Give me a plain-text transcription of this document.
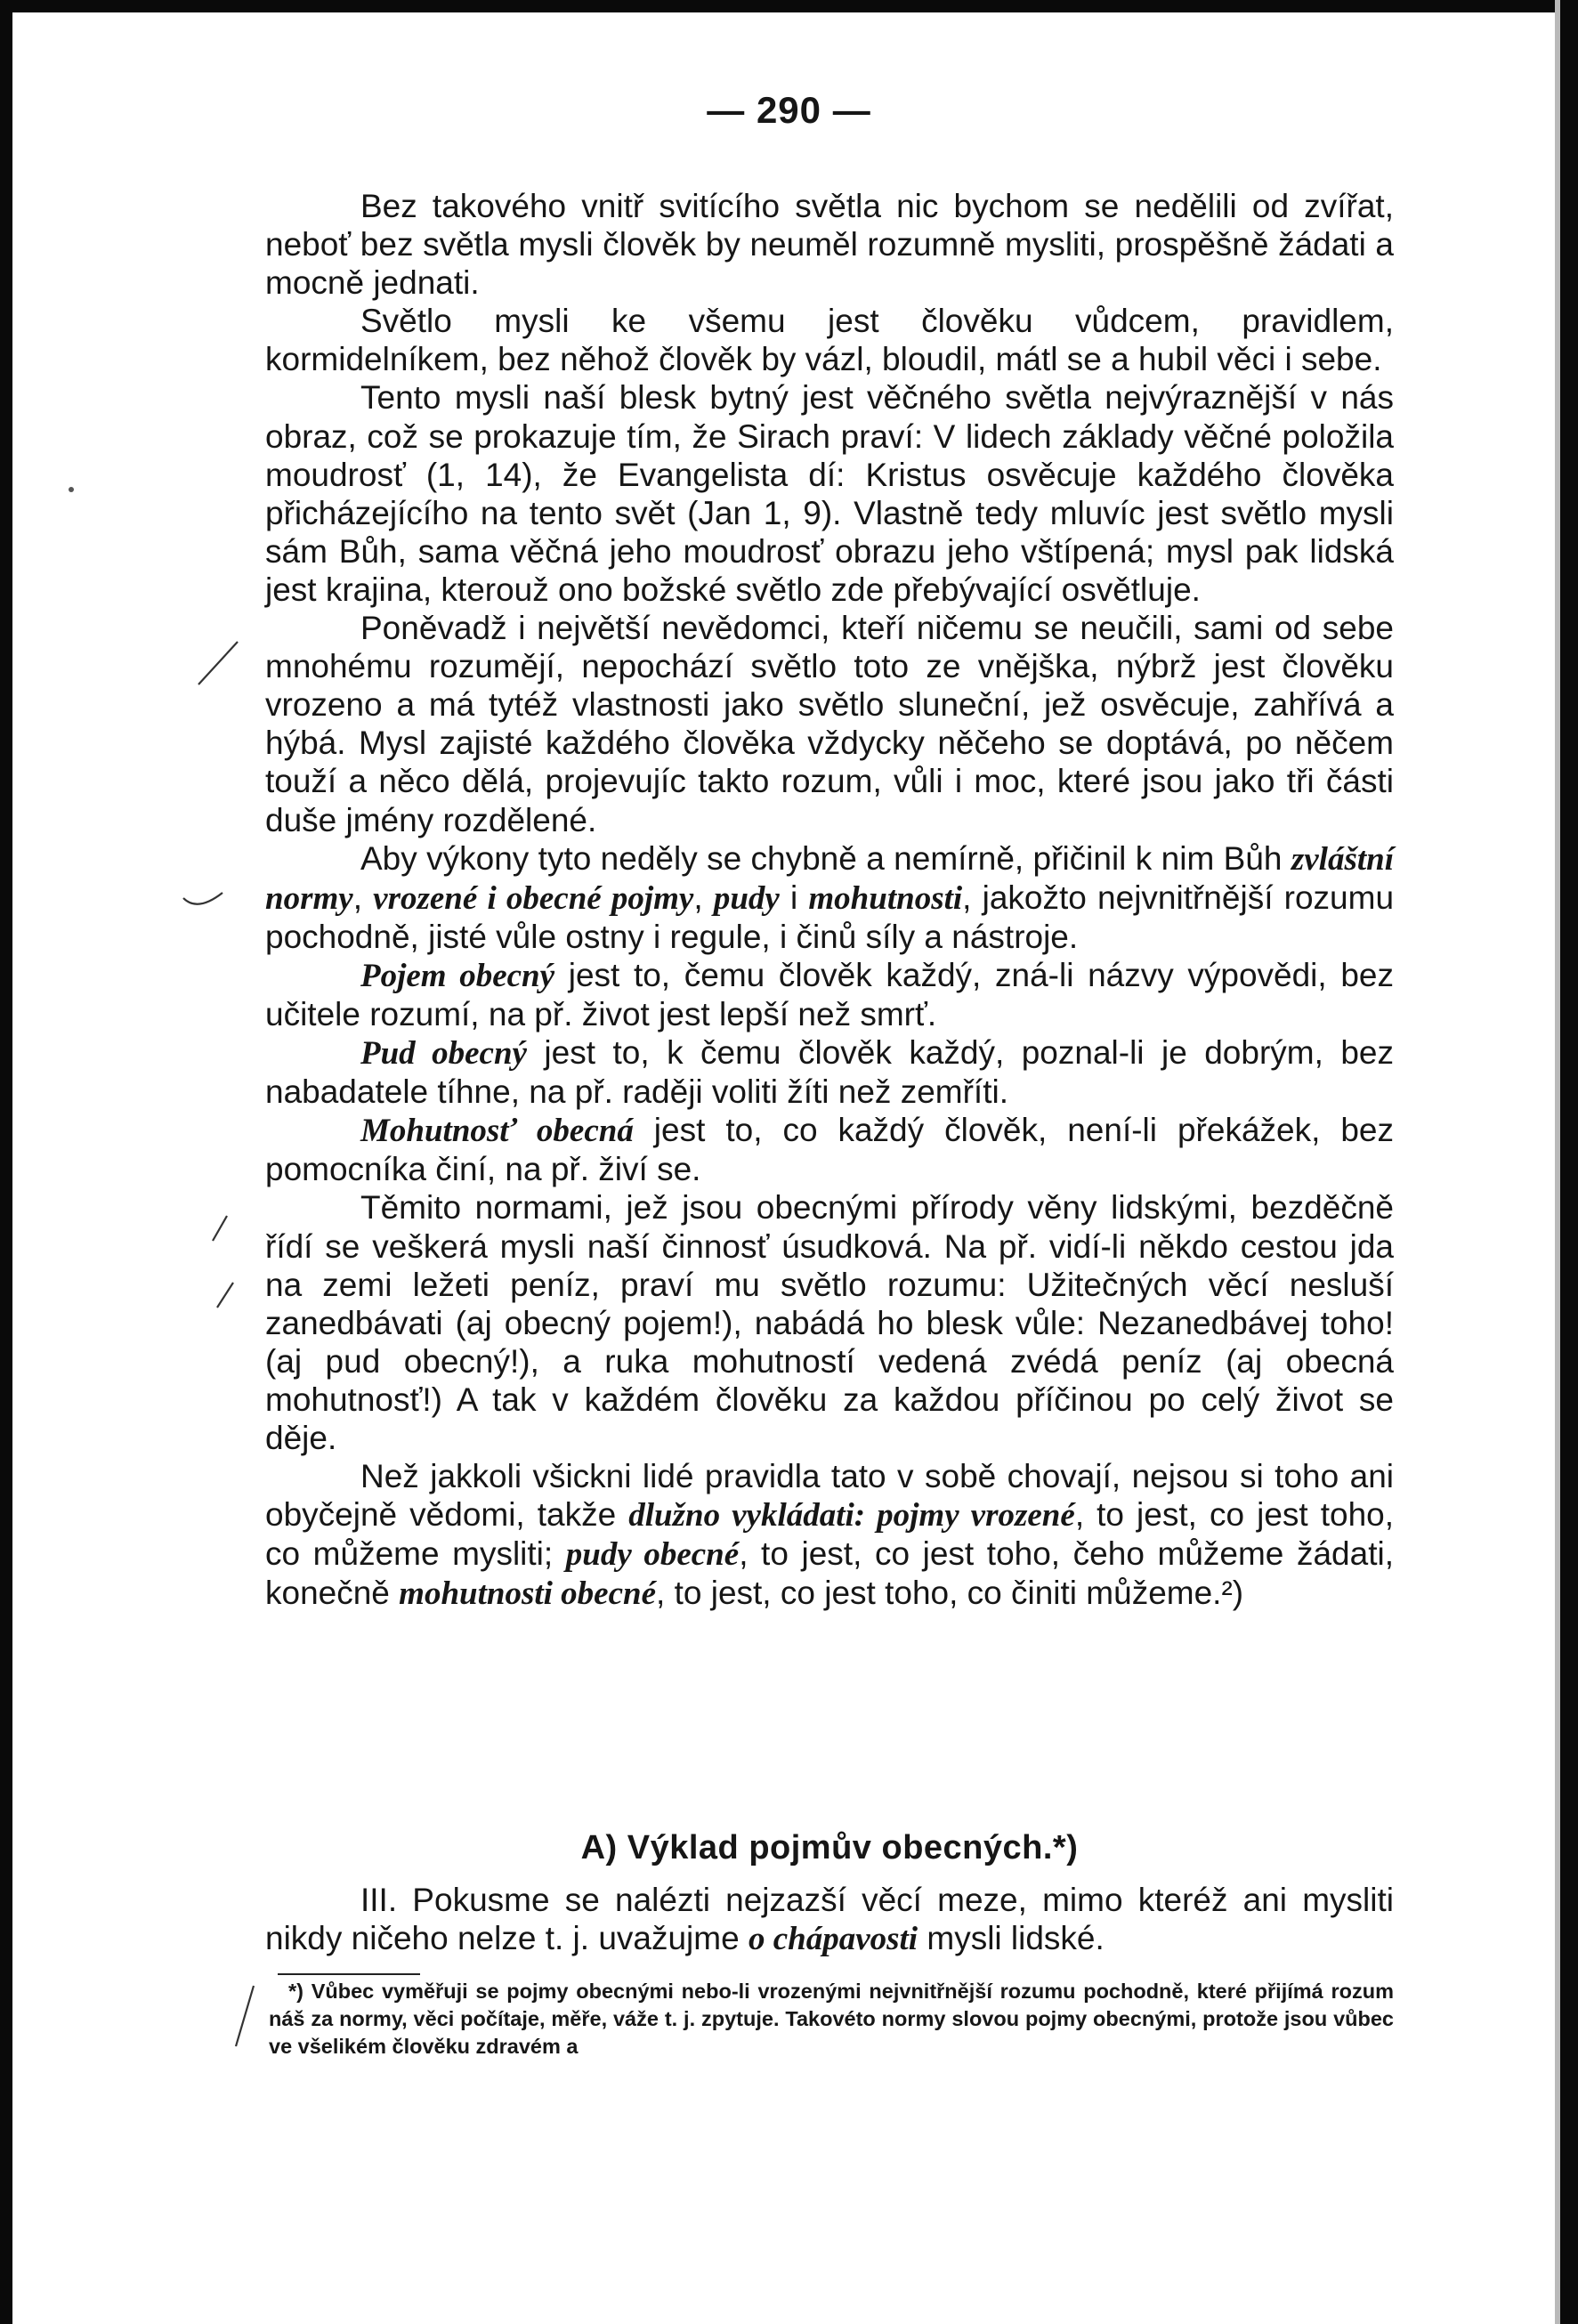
— 290 —

Bez takového vnitř svitícího světla nic bychom se nedělili od zvířat, neboť bez světla mysli člověk by neuměl rozumně mysliti, prospěšně žádati a mocně jednati.

Světlo mysli ke všemu jest člověku vůdcem, pravidlem, kormidelníkem, bez něhož člověk by vázl, bloudil, mátl se a hubil věci i sebe.

Tento mysli naší blesk bytný jest věčného světla nejvýraznější v nás obraz, což se prokazuje tím, že Sirach praví: V lidech základy věčné položila moudrosť (1, 14), že Evangelista dí: Kristus osvěcuje každého člověka přicházejícího na tento svět (Jan 1, 9). Vlastně tedy mluvíc jest světlo mysli sám Bůh, sama věčná jeho moudrosť obrazu jeho vštípená; mysl pak lidská jest krajina, kterouž ono božské světlo zde přebývající osvětluje.

Poněvadž i největší nevědomci, kteří ničemu se neučili, sami od sebe mnohému rozumějí, nepochází světlo toto ze vnějška, nýbrž jest člověku vrozeno a má tytéž vlastnosti jako světlo sluneční, jež osvěcuje, zahřívá a hýbá. Mysl zajisté každého člověka vždycky něčeho se doptává, po něčem touží a něco dělá, projevujíc takto rozum, vůli i moc, které jsou jako tři části duše jmény rozdělené.

Aby výkony tyto neděly se chybně a nemírně, přičinil k nim Bůh zvláštní normy, vrozené i obecné pojmy, pudy i mohutnosti, jakožto nejvnitřnější rozumu pochodně, jisté vůle ostny i regule, i činů síly a nástroje.

Pojem obecný jest to, čemu člověk každý, zná-li názvy výpovědi, bez učitele rozumí, na př. život jest lepší než smrť.

Pud obecný jest to, k čemu člověk každý, poznal-li je dobrým, bez nabadatele tíhne, na př. raději voliti žíti než zemříti.

Mohutnosť obecná jest to, co každý člověk, není-li překážek, bez pomocníka činí, na př. živí se.

Těmito normami, jež jsou obecnými přírody věny lidskými, bezděčně řídí se veškerá mysli naší činnosť úsudková. Na př. vidí-li někdo cestou jda na zemi ležeti peníz, praví mu světlo rozumu: Užitečných věcí nesluší zanedbávati (aj obecný pojem!), nabádá ho blesk vůle: Nezanedbávej toho! (aj pud obecný!), a ruka mohutností vedená zvédá peníz (aj obecná mohutnosť!) A tak v každém člověku za každou příčinou po celý život se děje.

Než jakkoli všickni lidé pravidla tato v sobě chovají, nejsou si toho ani obyčejně vědomi, takže dlužno vykládati: pojmy vrozené, to jest, co jest toho, co můžeme mysliti; pudy obecné, to jest, co jest toho, čeho můžeme žádati, konečně mohutnosti obecné, to jest, co jest toho, co činiti můžeme.²)

A) Výklad pojmův obecných.*)

III. Pokusme se nalézti nejzazší věcí meze, mimo kteréž ani mysliti nikdy ničeho nelze t. j. uvažujme o chápavosti mysli lidské.

*) Vůbec vyměřuji se pojmy obecnými nebo-li vrozenými nejvnitřnější rozumu pochodně, které přijímá rozum náš za normy, věci počítaje, měře, váže t. j. zpytuje. Takovéto normy slovou pojmy obecnými, protože jsou vůbec ve všelikém člověku zdravém a
